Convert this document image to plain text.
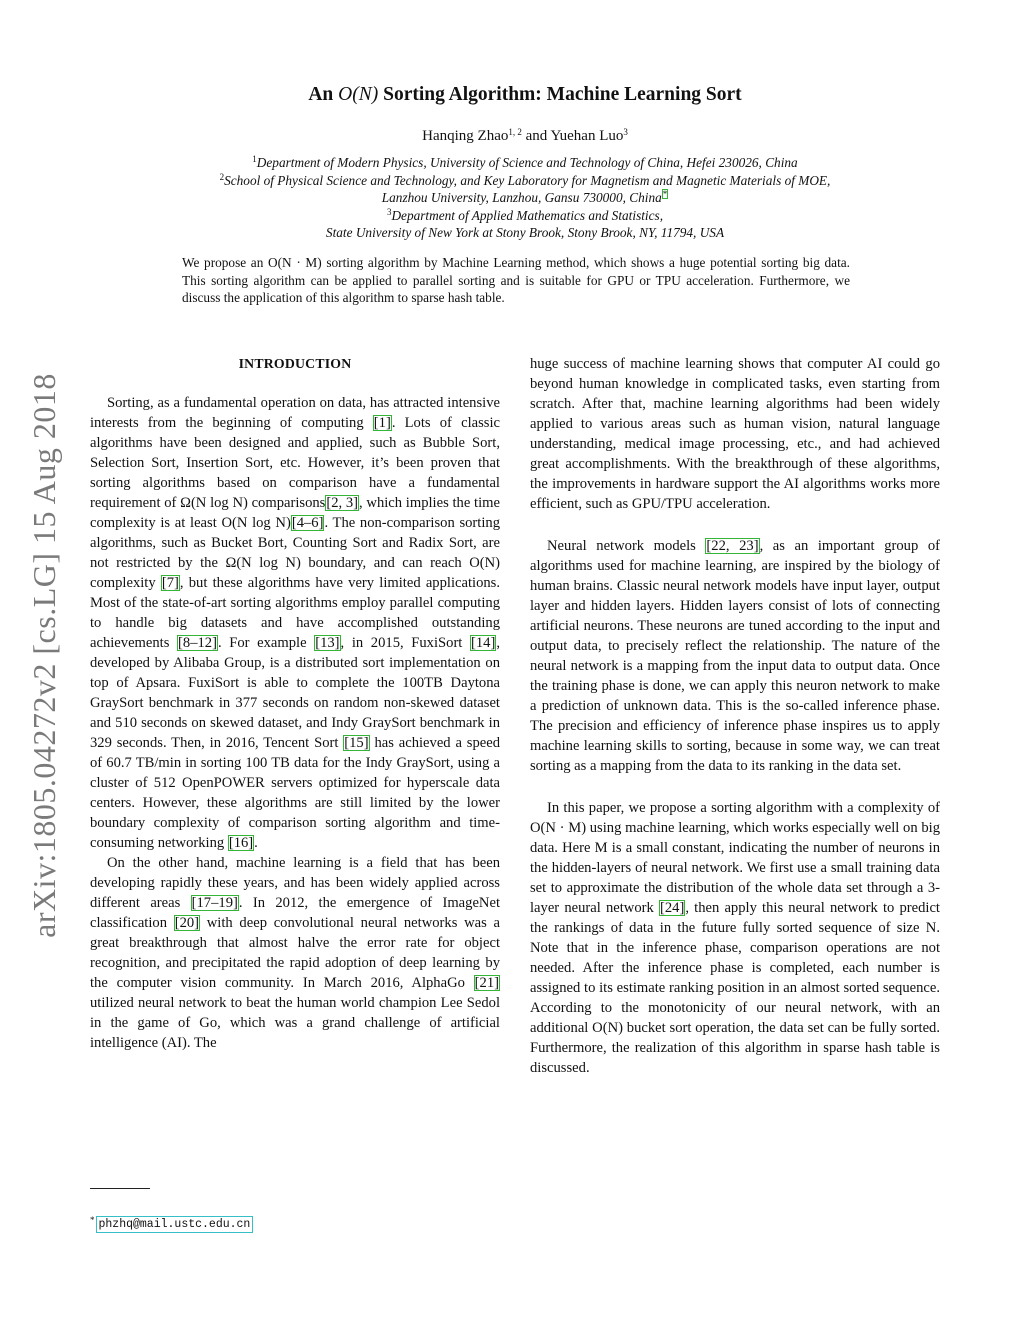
arXiv:1805.04272v2 [cs.LG] 15 Aug 2018
An O(N) Sorting Algorithm: Machine Learning Sort
Hanqing Zhao$^{1, 2}$ and Yuehan Luo$^3$
$^1$Department of Modern Physics, University of Science and Technology of China, Hefei 230026, China
$^2$School of Physical Science and Technology, and Key Laboratory for Magnetism and Magnetic Materials of MOE,
Lanzhou University, Lanzhou, Gansu 730000, China*
$^3$Department of Applied Mathematics and Statistics,
State University of New York at Stony Brook, Stony Brook, NY, 11794, USA
We propose an O(N · M) sorting algorithm by Machine Learning method, which shows a huge potential sorting big data. This sorting algorithm can be applied to parallel sorting and is suitable for GPU or TPU acceleration. Furthermore, we discuss the application of this algorithm to sparse hash table.
INTRODUCTION

Sorting, as a fundamental operation on data, has attracted intensive interests from the beginning of computing [1]. Lots of classic algorithms have been designed and applied, such as Bubble Sort, Selection Sort, Insertion Sort, etc. However, it’s been proven that sorting algorithms based on comparison have a fundamental requirement of Ω(N log N) comparisons[2, 3], which implies the time complexity is at least O(N log N)[4–6]. The non-comparison sorting algorithms, such as Bucket Bort, Counting Sort and Radix Sort, are not restricted by the Ω(N log N) boundary, and can reach O(N) complexity [7], but these algorithms have very limited applications. Most of the state-of-art sorting algorithms employ parallel computing to handle big datasets and have accomplished outstanding achievements [8–12]. For example [13], in 2015, FuxiSort [14], developed by Alibaba Group, is a distributed sort implementation on top of Apsara. FuxiSort is able to complete the 100TB Daytona GraySort benchmark in 377 seconds on random non-skewed dataset and 510 seconds on skewed dataset, and Indy GraySort benchmark in 329 seconds. Then, in 2016, Tencent Sort [15] has achieved a speed of 60.7 TB/min in sorting 100 TB data for the Indy GraySort, using a cluster of 512 OpenPOWER servers optimized for hyperscale data centers. However, these algorithms are still limited by the lower boundary complexity of comparison sorting algorithm and time-consuming networking [16].

On the other hand, machine learning is a field that has been developing rapidly these years, and has been widely applied across different areas [17–19]. In 2012, the emergence of ImageNet classification [20] with deep convolutional neural networks was a great breakthrough that almost halve the error rate for object recognition, and precipitated the rapid adoption of deep learning by the computer vision community. In March 2016, AlphaGo [21] utilized neural network to beat the human world champion Lee Sedol in the game of Go, which was a grand challenge of artificial intelligence (AI). The

huge success of machine learning shows that computer AI could go beyond human knowledge in complicated tasks, even starting from scratch. After that, machine learning algorithms had been widely applied to various areas such as human vision, natural language understanding, medical image processing, etc., and had achieved great accomplishments. With the breakthrough of these algorithms, the improvements in hardware support the AI algorithms works more efficient, such as GPU/TPU acceleration.

Neural network models [22, 23], as an important group of algorithms used for machine learning, are inspired by the biology of human brains. Classic neural network models have input layer, output layer and hidden layers. Hidden layers consist of lots of connecting artificial neurons. These neurons are tuned according to the input and output data, to precisely reflect the relationship. The nature of the neural network is a mapping from the input data to output data. Once the training phase is done, we can apply this neuron network to make a prediction of unknown data. This is the so-called inference phase. The precision and efficiency of inference phase inspires us to apply machine learning skills to sorting, because in some way, we can treat sorting as a mapping from the data to its ranking in the data set.

In this paper, we propose a sorting algorithm with a complexity of O(N · M) using machine learning, which works especially well on big data. Here M is a small constant, indicating the number of neurons in the hidden-layers of neural network. We first use a small training data set to approximate the distribution of the whole data set through a 3-layer neural network [24], then apply this neural network to predict the rankings of data in the future fully sorted sequence of size N. Note that in the inference phase, comparison operations are not needed. After the inference phase is completed, each number is assigned to its estimate ranking position in an almost sorted sequence. According to the monotonicity of our neural network, with an additional O(N) bucket sort operation, the data set can be fully sorted. Furthermore, the realization of this algorithm in sparse hash table is discussed.

* phzhq@mail.ustc.edu.cn
